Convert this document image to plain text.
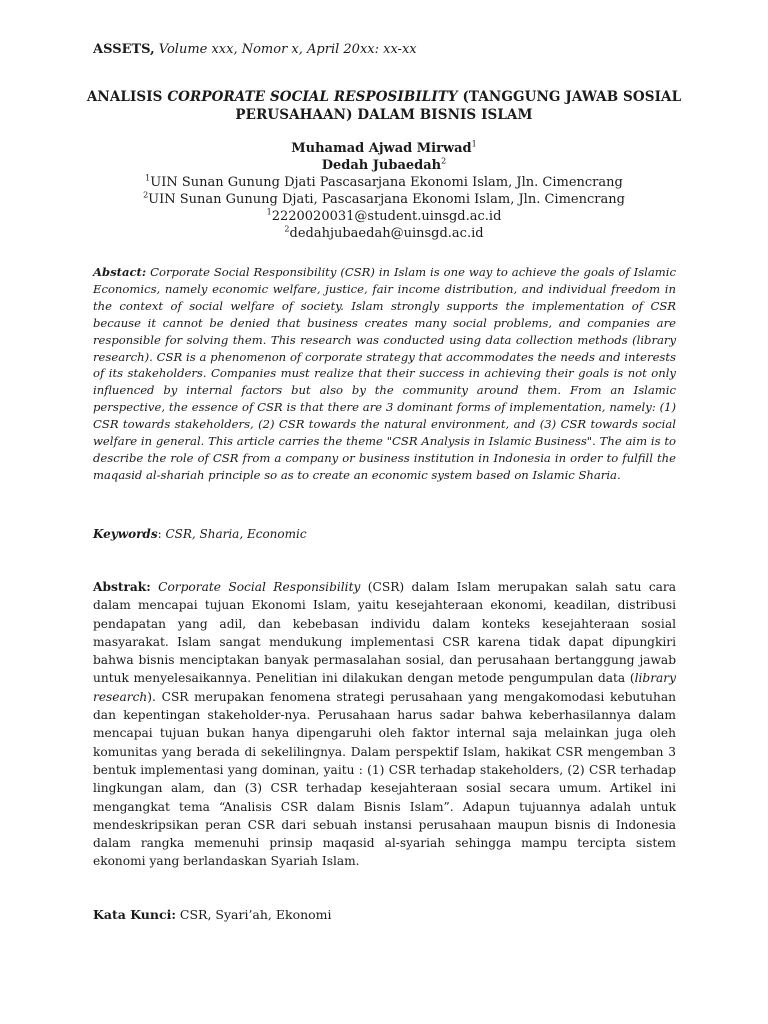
ASSETS, Volume xxx, Nomor x, April 20xx: xx-xx
ANALISIS CORPORATE SOCIAL RESPOSIBILITY (TANGGUNG JAWAB SOSIAL PERUSAHAAN) DALAM BISNIS ISLAM
Muhamad Ajwad Mirwad$^1$
Dedah Jubaedah$^2$
$^1$UIN Sunan Gunung Djati Pascasarjana Ekonomi Islam, Jln. Cimencrang
$^2$UIN Sunan Gunung Djati, Pascasarjana Ekonomi Islam, Jln. Cimencrang
$^1$2220020031@student.uinsgd.ac.id
$^2$dedahjubaedah@uinsgd.ac.id
Abstact: Corporate Social Responsibility (CSR) in Islam is one way to achieve the goals of Islamic Economics, namely economic welfare, justice, fair income distribution, and individual freedom in the context of social welfare of society. Islam strongly supports the implementation of CSR because it cannot be denied that business creates many social problems, and companies are responsible for solving them. This research was conducted using data collection methods (library research). CSR is a phenomenon of corporate strategy that accommodates the needs and interests of its stakeholders. Companies must realize that their success in achieving their goals is not only influenced by internal factors but also by the community around them. From an Islamic perspective, the essence of CSR is that there are 3 dominant forms of implementation, namely: (1) CSR towards stakeholders, (2) CSR towards the natural environment, and (3) CSR towards social welfare in general. This article carries the theme "CSR Analysis in Islamic Business". The aim is to describe the role of CSR from a company or business institution in Indonesia in order to fulfill the maqasid al-shariah principle so as to create an economic system based on Islamic Sharia.
Keywords: CSR, Sharia, Economic
Abstrak: Corporate Social Responsibility (CSR) dalam Islam merupakan salah satu cara dalam mencapai tujuan Ekonomi Islam, yaitu kesejahteraan ekonomi, keadilan, distribusi pendapatan yang adil, dan kebebasan individu dalam konteks kesejahteraan sosial masyarakat. Islam sangat mendukung implementasi CSR karena tidak dapat dipungkiri bahwa bisnis menciptakan banyak permasalahan sosial, dan perusahaan bertanggung jawab untuk menyelesaikannya. Penelitian ini dilakukan dengan metode pengumpulan data (library research). CSR merupakan fenomena strategi perusahaan yang mengakomodasi kebutuhan dan kepentingan stakeholder-nya. Perusahaan harus sadar bahwa keberhasilannya dalam mencapai tujuan bukan hanya dipengaruhi oleh faktor internal saja melainkan juga oleh komunitas yang berada di sekelilingnya. Dalam perspektif Islam, hakikat CSR mengemban 3 bentuk implementasi yang dominan, yaitu : (1) CSR terhadap stakeholders, (2) CSR terhadap lingkungan alam, dan (3) CSR terhadap kesejahteraan sosial secara umum. Artikel ini mengangkat tema “Analisis CSR dalam Bisnis Islam”. Adapun tujuannya adalah untuk mendeskripsikan peran CSR dari sebuah instansi perusahaan maupun bisnis di Indonesia dalam rangka memenuhi prinsip maqasid al-syariah sehingga mampu tercipta sistem ekonomi yang berlandaskan Syariah Islam.
Kata Kunci: CSR, Syari’ah, Ekonomi
